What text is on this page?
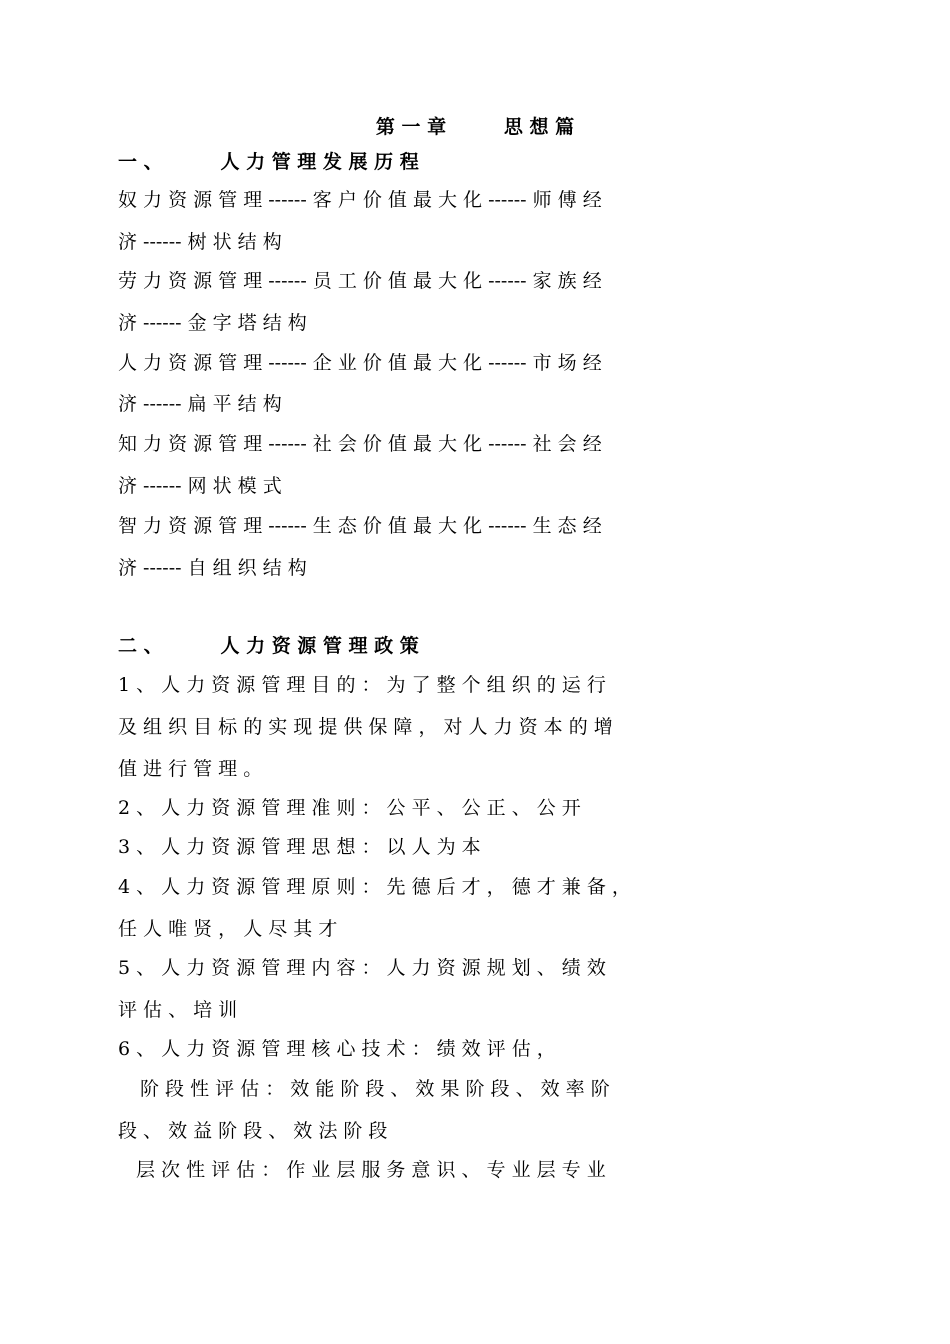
第 一 章 　 　 思 想 篇
一 、 　 　 人 力 管 理 发 展 历 程
奴 力 资 源 管 理 ------ 客 户 价 值 最 大 化 ------ 师 傅 经
济 ------ 树 状 结 构
劳 力 资 源 管 理 ------ 员 工 价 值 最 大 化 ------ 家 族 经
济 ------ 金 字 塔 结 构
人 力 资 源 管 理 ------ 企 业 价 值 最 大 化 ------ 市 场 经
济 ------ 扁 平 结 构
知 力 资 源 管 理 ------ 社 会 价 值 最 大 化 ------ 社 会 经
济 ------ 网 状 模 式
智 力 资 源 管 理 ------ 生 态 价 值 最 大 化 ------ 生 态 经
济 ------ 自 组 织 结 构
二 、 　 　 人 力 资 源 管 理 政 策
1 、 人 力 资 源 管 理 目 的 ： 为 了 整 个 组 织 的 运 行
及 组 织 目 标 的 实 现 提 供 保 障 ， 对 人 力 资 本 的 增
值 进 行 管 理 。
2 、 人 力 资 源 管 理 准 则 ： 公 平 、 公 正 、 公 开
3 、 人 力 资 源 管 理 思 想 ： 以 人 为 本
4 、 人 力 资 源 管 理 原 则 ： 先 德 后 才 ， 德 才 兼 备 ，
任 人 唯 贤 ， 人 尽 其 才
5 、 人 力 资 源 管 理 内 容 ： 人 力 资 源 规 划 、 绩 效
评 估 、 培 训
6 、 人 力 资 源 管 理 核 心 技 术 ： 绩 效 评 估 ，
阶 段 性 评 估 ： 效 能 阶 段 、 效 果 阶 段 、 效 率 阶
段 、 效 益 阶 段 、 效 法 阶 段
层 次 性 评 估 ： 作 业 层 服 务 意 识 、 专 业 层 专 业
